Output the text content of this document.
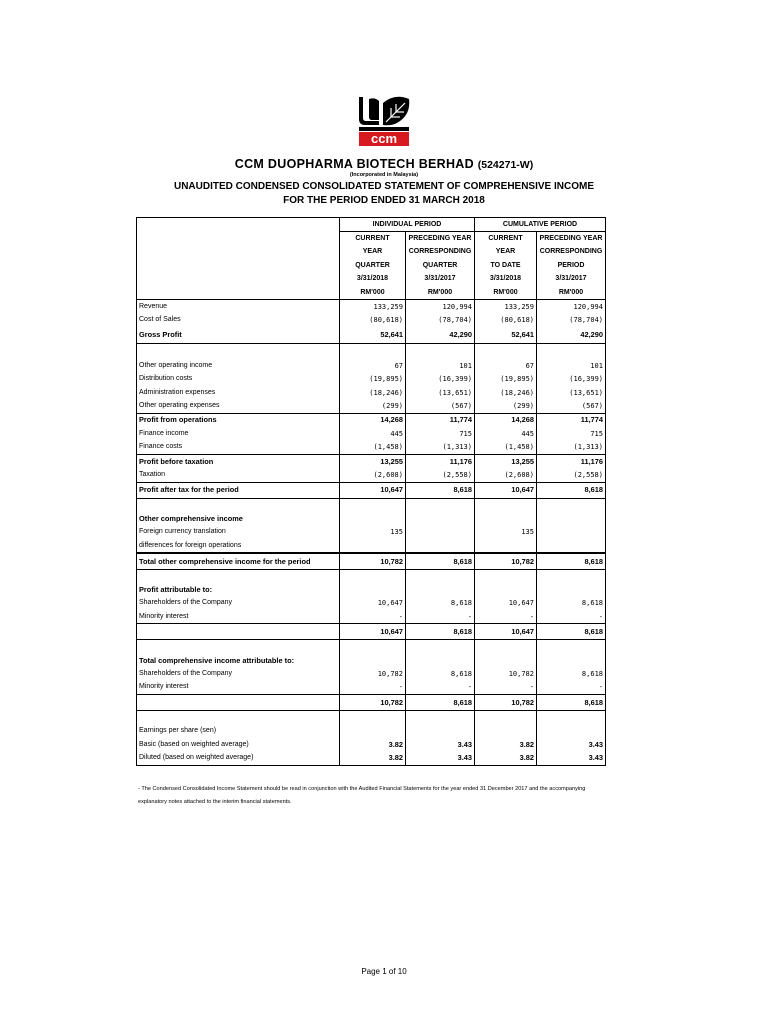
ccm
CCM DUOPHARMA BIOTECH BERHAD (524271-W)
(Incorporated in Malaysia)
UNAUDITED CONDENSED CONSOLIDATED STATEMENT OF COMPREHENSIVE INCOME
FOR THE PERIOD ENDED 31 MARCH 2018
	INDIVIDUAL PERIOD		CUMULATIVE PERIOD	
	CURRENT	PRECEDING YEAR	CURRENT	PRECEDING YEAR
	YEAR	CORRESPONDING	YEAR	CORRESPONDING
	QUARTER	QUARTER	TO DATE	PERIOD
	3/31/2018	3/31/2017	3/31/2018	3/31/2017
	RM'000	RM'000	RM'000	RM'000
Revenue	133,259	120,994	133,259	120,994
Cost of Sales	(80,618)	(78,704)	(80,618)	(78,704)
Gross Profit	52,641	42,290	52,641	42,290

Other operating income	67	101	67	101
Distribution costs	(19,895)	(16,399)	(19,895)	(16,399)
Administration expenses	(18,246)	(13,651)	(18,246)	(13,651)
Other operating expenses	(299)	(567)	(299)	(567)
Profit from operations	14,268	11,774	14,268	11,774
Finance income	445	715	445	715
Finance costs	(1,458)	(1,313)	(1,458)	(1,313)
Profit before taxation	13,255	11,176	13,255	11,176
Taxation	(2,608)	(2,558)	(2,608)	(2,558)
Profit after tax for the period	10,647	8,618	10,647	8,618

Other comprehensive income				
Foreign currency translation	135		135	
differences for foreign operations				
Total other comprehensive income for the period	10,782	8,618	10,782	8,618

Profit attributable to:				
Shareholders of the Company	10,647	8,618	10,647	8,618
Minority interest	-	-	-	-
	10,647	8,618	10,647	8,618

Total comprehensive income attributable to:				
Shareholders of the Company	10,782	8,618	10,782	8,618
Minority interest	-	-	-	-
	10,782	8,618	10,782	8,618

Earnings per share (sen)				
Basic (based on weighted average)	3.82	3.43	3.82	3.43
Diluted (based on weighted average)	3.82	3.43	3.82	3.43
- The Condensed Consolidated Income Statement should be read in conjunction with the Audited Financial Statements for the year ended 31 December 2017 and the accompanying explanatory notes attached to the interim financial statements.
Page 1 of 10
